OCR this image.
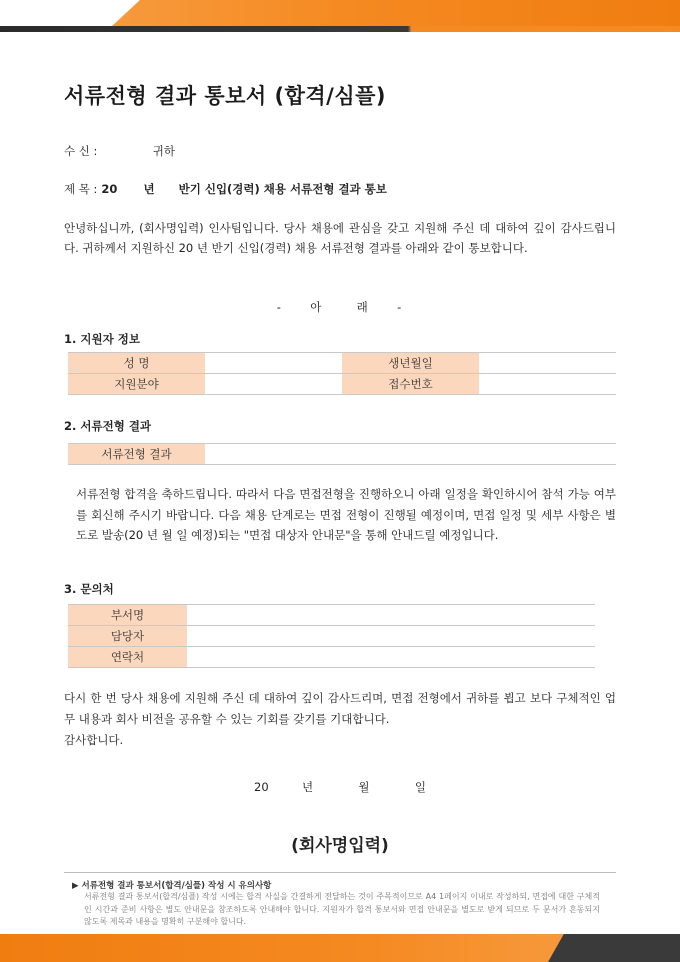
서류전형 결과 통보서 (합격/심플)
수 신 :	귀하
제 목 : 20 년 반기 신입(경력) 채용 서류전형 결과 통보
안녕하십니까, (회사명입력) 인사팀입니다. 당사 채용에 관심을 갖고 지원해 주신 데 대하여 깊이 감사드립니다. 귀하께서 지원하신 20 년 반기 신입(경력) 채용 서류전형 결과를 아래와 같이 통보합니다.
- 아	래 -
1. 지원자 정보
성 명		생년월일	
지원분야		접수번호	
2. 서류전형 결과
서류전형 결과	
서류전형 합격을 축하드립니다. 따라서 다음 면접전형을 진행하오니 아래 일정을 확인하시어 참석 가능 여부를 회신해 주시기 바랍니다. 다음 채용 단계로는 면접 전형이 진행될 예정이며, 면접 일정 및 세부 사항은 별도로 발송(20 년 월 일 예정)되는 "면접 대상자 안내문"을 통해 안내드릴 예정입니다.
3. 문의처
부서명	
담당자	
연락처	
다시 한 번 당사 채용에 지원해 주신 데 대하여 깊이 감사드리며, 면접 전형에서 귀하를 뵙고 보다 구체적인 업무 내용과 회사 비전을 공유할 수 있는 기회를 갖기를 기대합니다.
감사합니다.
20	년	월	일
(회사명입력)
▶ 서류전형 결과 통보서(합격/심플) 작성 시 유의사항
서류전형 결과 통보서(합격/심플) 작성 시에는 합격 사실을 간결하게 전달하는 것이 주목적이므로 A4 1페이지 이내로 작성하되, 면접에 대한 구체적인 시간과 준비 사항은 별도 안내문을 참조하도록 안내해야 합니다. 지원자가 합격 통보서와 면접 안내문을 별도로 받게 되므로 두 문서가 혼동되지 않도록 제목과 내용을 명확히 구분해야 합니다.
